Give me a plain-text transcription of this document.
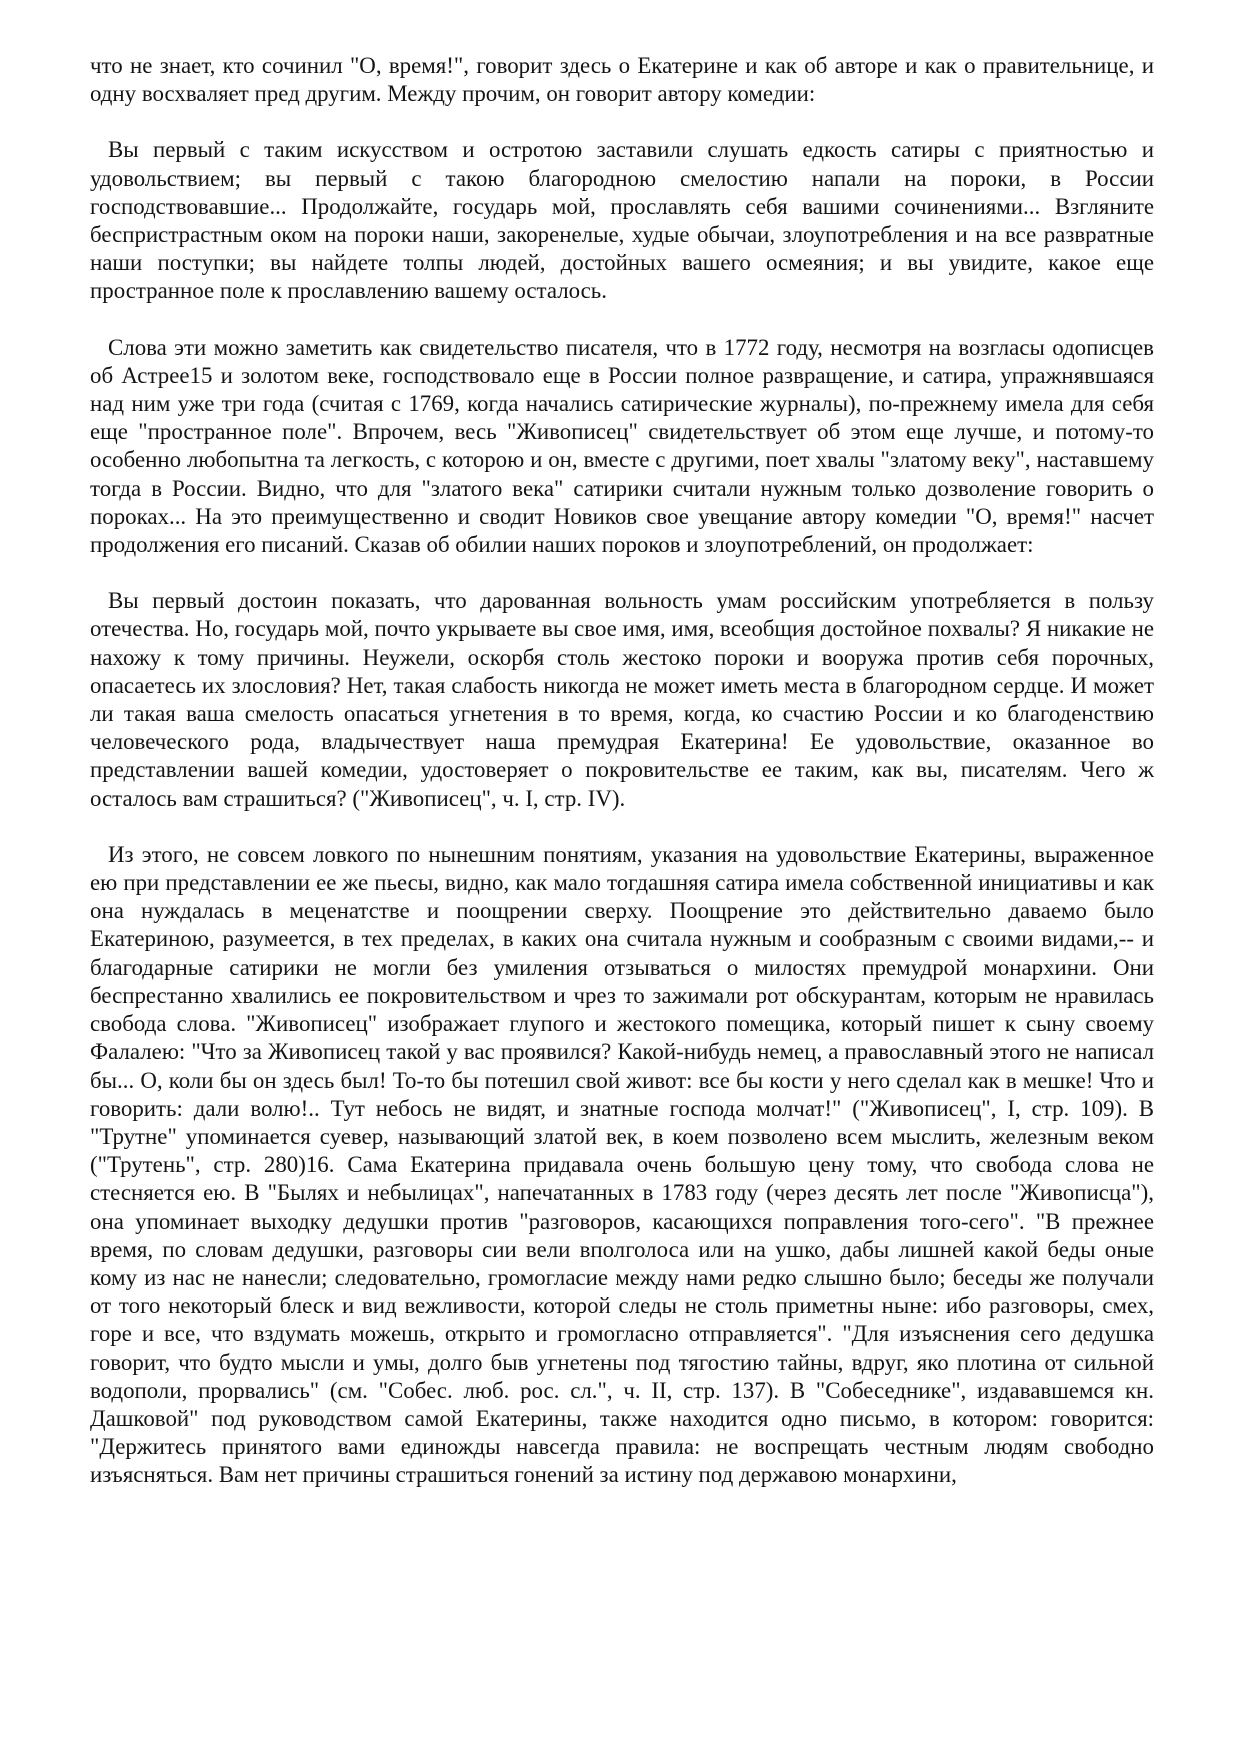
что не знает, кто сочинил "О, время!", говорит здесь о Екатерине и как об авторе и как о правительнице, и одну восхваляет пред другим. Между прочим, он говорит автору комедии:

Вы первый с таким искусством и остротою заставили слушать едкость сатиры с приятностью и удовольствием; вы первый с такою благородною смелостию напали на пороки, в России господствовавшие... Продолжайте, государь мой, прославлять себя вашими сочинениями... Взгляните беспристрастным оком на пороки наши, закоренелые, худые обычаи, злоупотребления и на все развратные наши поступки; вы найдете толпы людей, достойных вашего осмеяния; и вы увидите, какое еще пространное поле к прославлению вашему осталось.

Слова эти можно заметить как свидетельство писателя, что в 1772 году, несмотря на возгласы одописцев об Астрее15 и золотом веке, господствовало еще в России полное развращение, и сатира, упражнявшаяся над ним уже три года (считая с 1769, когда начались сатирические журналы), по-прежнему имела для себя еще "пространное поле". Впрочем, весь "Живописец" свидетельствует об этом еще лучше, и потому-то особенно любопытна та легкость, с которою и он, вместе с другими, поет хвалы "златому веку", наставшему тогда в России. Видно, что для "златого века" сатирики считали нужным только дозволение говорить о пороках... На это преимущественно и сводит Новиков свое увещание автору комедии "О, время!" насчет продолжения его писаний. Сказав об обилии наших пороков и злоупотреблений, он продолжает:

Вы первый достоин показать, что дарованная вольность умам российским употребляется в пользу отечества. Но, государь мой, почто укрываете вы свое имя, имя, всеобщия достойное похвалы? Я никакие не нахожу к тому причины. Неужели, оскорбя столь жестоко пороки и вооружа против себя порочных, опасаетесь их злословия? Нет, такая слабость никогда не может иметь места в благородном сердце. И может ли такая ваша смелость опасаться угнетения в то время, когда, ко счастию России и ко благоденствию человеческого рода, владычествует наша премудрая Екатерина! Ее удовольствие, оказанное во представлении вашей комедии, удостоверяет о покровительстве ее таким, как вы, писателям. Чего ж осталось вам страшиться? ("Живописец", ч. I, стр. IV).

Из этого, не совсем ловкого по нынешним понятиям, указания на удовольствие Екатерины, выраженное ею при представлении ее же пьесы, видно, как мало тогдашняя сатира имела собственной инициативы и как она нуждалась в меценатстве и поощрении сверху. Поощрение это действительно даваемо было Екатериною, разумеется, в тех пределах, в каких она считала нужным и сообразным с своими видами,-- и благодарные сатирики не могли без умиления отзываться о милостях премудрой монархини. Они беспрестанно хвалились ее покровительством и чрез то зажимали рот обскурантам, которым не нравилась свобода слова. "Живописец" изображает глупого и жестокого помещика, который пишет к сыну своему Фалалею: "Что за Живописец такой у вас проявился? Какой-нибудь немец, а православный этого не написал бы... О, коли бы он здесь был! То-то бы потешил свой живот: все бы кости у него сделал как в мешке! Что и говорить: дали волю!.. Тут небось не видят, и знатные господа молчат!" ("Живописец", I, стр. 109). В "Трутне" упоминается суевер, называющий златой век, в коем позволено всем мыслить, железным веком ("Трутень", стр. 280)16. Сама Екатерина придавала очень большую цену тому, что свобода слова не стесняется ею. В "Былях и небылицах", напечатанных в 1783 году (через десять лет после "Живописца"), она упоминает выходку дедушки против "разговоров, касающихся поправления того-сего". "В прежнее время, по словам дедушки, разговоры сии вели вполголоса или на ушко, дабы лишней какой беды оные кому из нас не нанесли; следовательно, громогласие между нами редко слышно было; беседы же получали от того некоторый блеск и вид вежливости, которой следы не столь приметны ныне: ибо разговоры, смех, горе и все, что вздумать можешь, открыто и громогласно отправляется". "Для изъяснения сего дедушка говорит, что будто мысли и умы, долго быв угнетены под тягостию тайны, вдруг, яко плотина от сильной водополи, прорвались" (см. "Собес. люб. рос. сл.", ч. II, стр. 137). В "Собеседнике", издававшемся кн. Дашковой" под руководством самой Екатерины, также находится одно письмо, в котором: говорится: "Держитесь принятого вами единожды навсегда правила: не воспрещать честным людям свободно изъясняться. Вам нет причины страшиться гонений за истину под державою монархини,
